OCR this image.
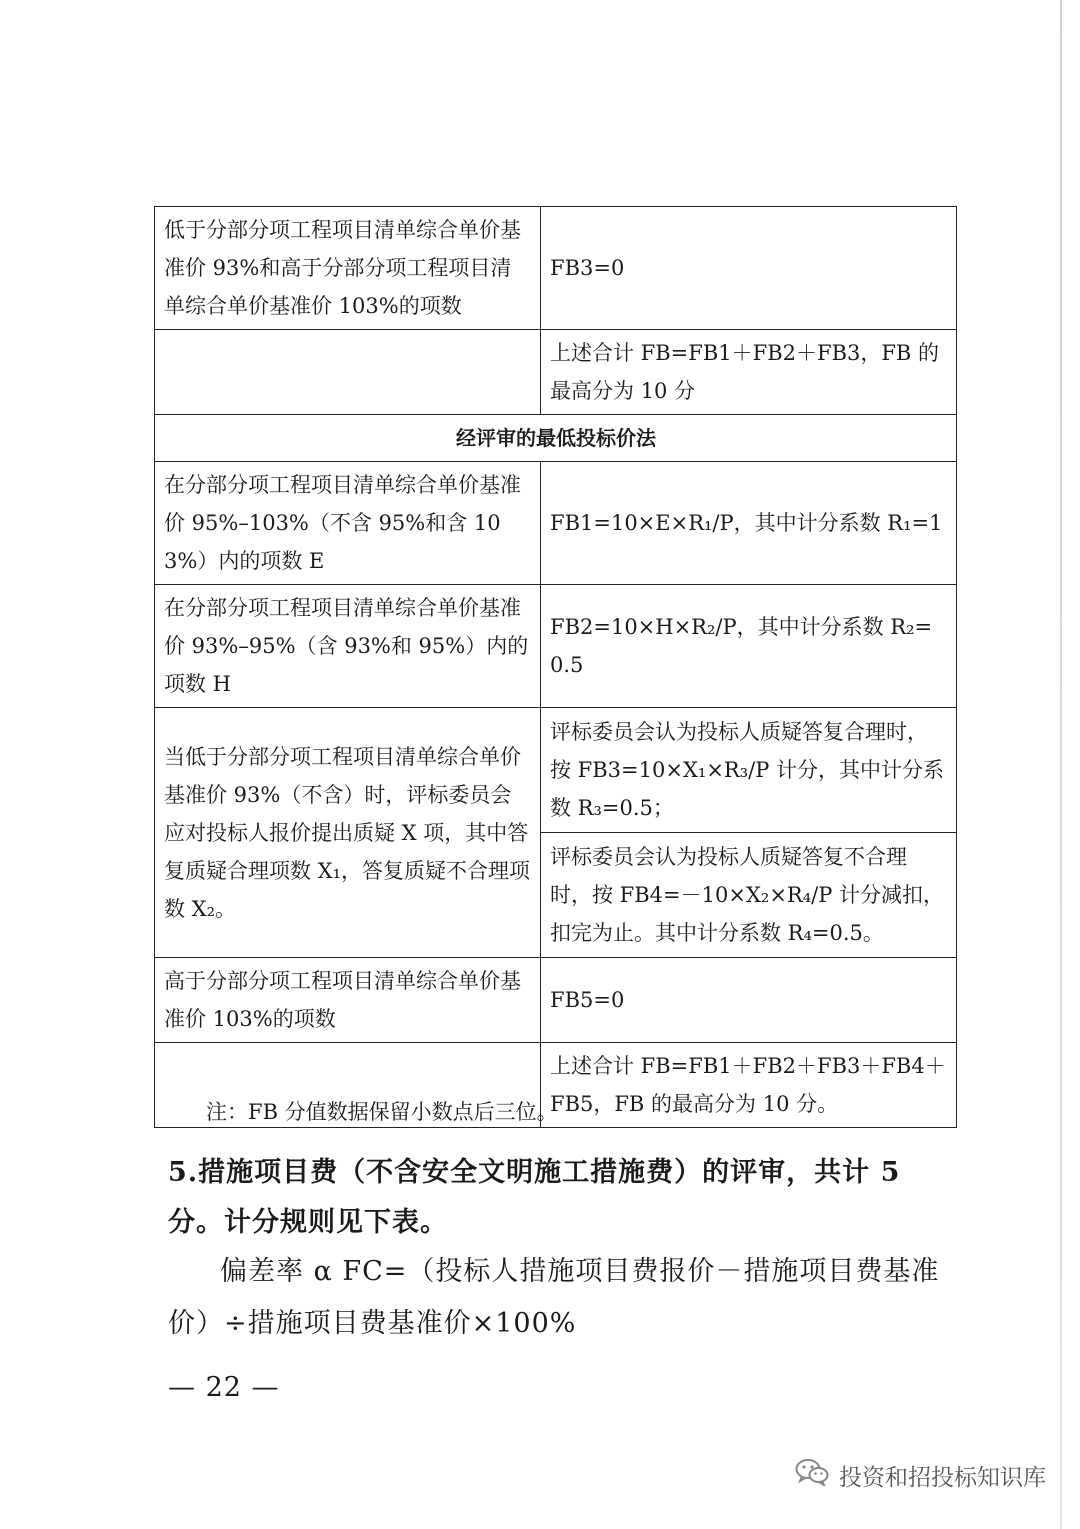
低于分部分项工程项目清单综合单价基准价 93%和高于分部分项工程项目清单综合单价基准价 103%的项数	FB3=0
	上述合计 FB=FB1＋FB2＋FB3，FB 的最高分为 10 分
经评审的最低投标价法	
在分部分项工程项目清单综合单价基准价 95%–103%（不含 95%和含 103%）内的项数 E	FB1=10×E×R₁/P，其中计分系数 R₁=1
在分部分项工程项目清单综合单价基准价 93%–95%（含 93%和 95%）内的项数 H	FB2=10×H×R₂/P，其中计分系数 R₂=0.5
当低于分部分项工程项目清单综合单价基准价 93%（不含）时，评标委员会应对投标人报价提出质疑 X 项，其中答复质疑合理项数 X₁，答复质疑不合理项数 X₂。	评标委员会认为投标人质疑答复合理时，按 FB3=10×X₁×R₃/P 计分，其中计分系数 R₃=0.5；
	评标委员会认为投标人质疑答复不合理时，按 FB4=－10×X₂×R₄/P 计分减扣，扣完为止。其中计分系数 R₄=0.5。
高于分部分项工程项目清单综合单价基准价 103%的项数	FB5=0
	上述合计 FB=FB1＋FB2＋FB3＋FB4＋FB5，FB 的最高分为 10 分。
注：FB 分值数据保留小数点后三位。
5.措施项目费（不含安全文明施工措施费）的评审，共计 5 分。计分规则见下表。
偏差率 α FC=（投标人措施项目费报价－措施项目费基准价）÷措施项目费基准价×100%
— 22 —
投资和招投标知识库
